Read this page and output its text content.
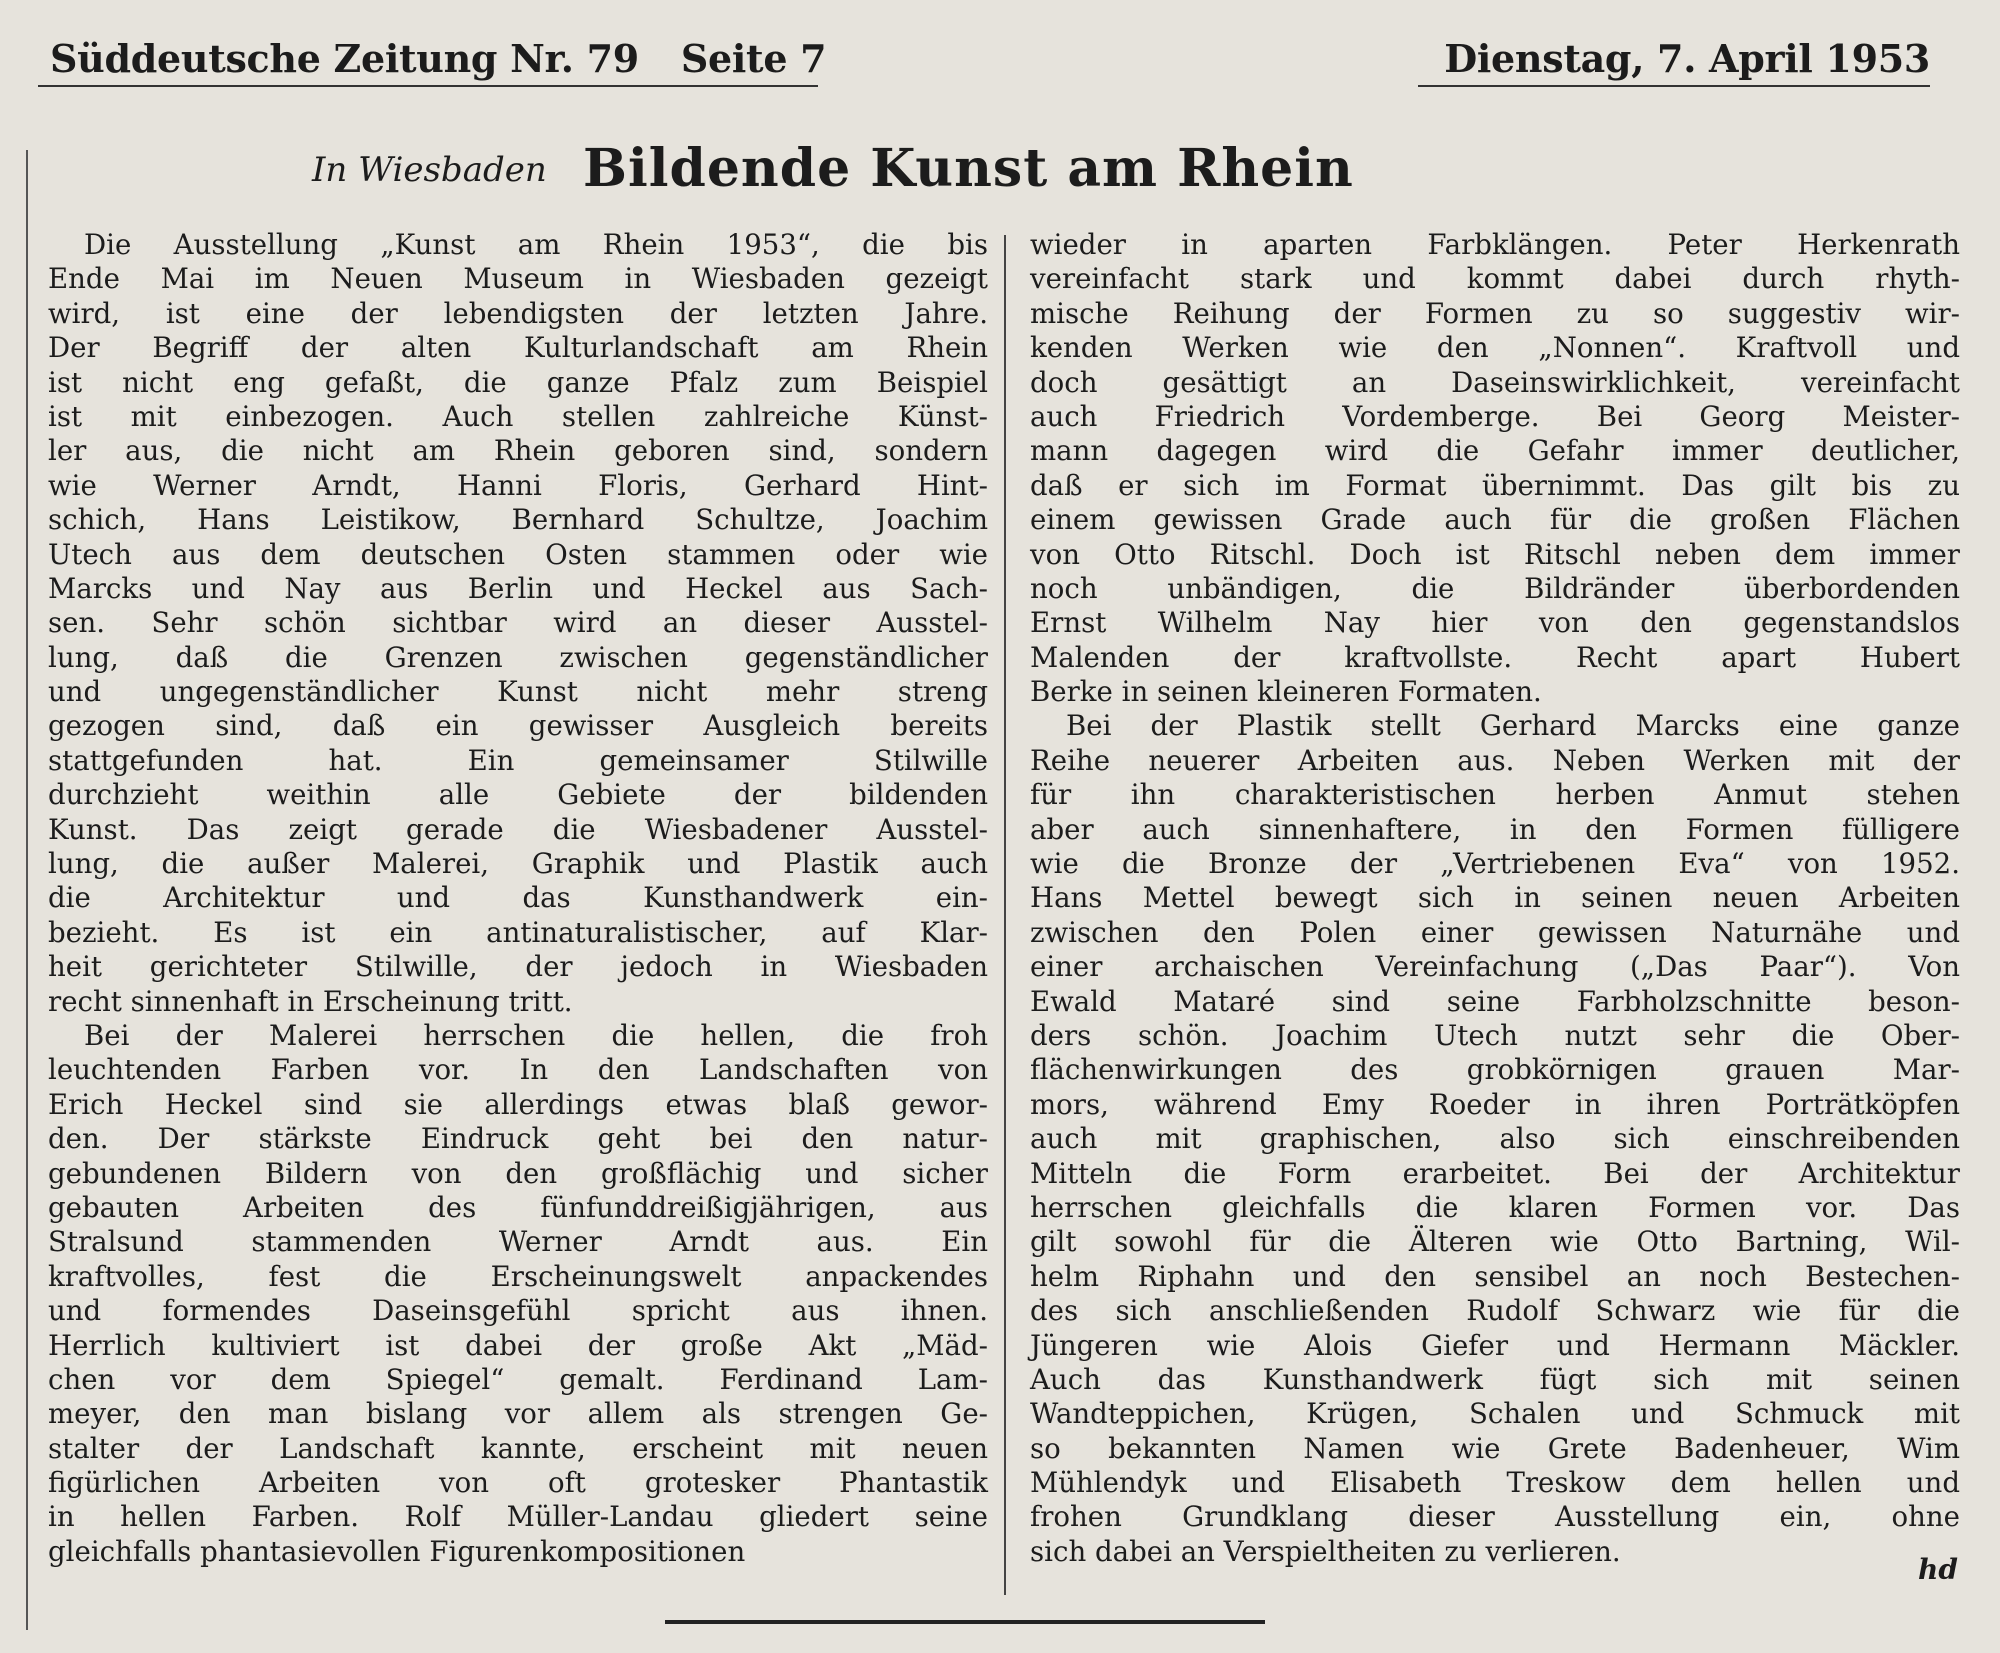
Süddeutsche Zeitung Nr. 79 Seite 7	Dienstag, 7. April 1953
In Wiesbaden Bildende Kunst am Rhein
Die Ausstellung „Kunst am Rhein 1953“, die bis
Ende Mai im Neuen Museum in Wiesbaden gezeigt
wird, ist eine der lebendigsten der letzten Jahre.
Der Begriff der alten Kulturlandschaft am Rhein
ist nicht eng gefaßt, die ganze Pfalz zum Beispiel
ist mit einbezogen. Auch stellen zahlreiche Künst-
ler aus, die nicht am Rhein geboren sind, sondern
wie Werner Arndt, Hanni Floris, Gerhard Hint-
schich, Hans Leistikow, Bernhard Schultze, Joachim
Utech aus dem deutschen Osten stammen oder wie
Marcks und Nay aus Berlin und Heckel aus Sach-
sen. Sehr schön sichtbar wird an dieser Ausstel-
lung, daß die Grenzen zwischen gegenständlicher
und ungegenständlicher Kunst nicht mehr streng
gezogen sind, daß ein gewisser Ausgleich bereits
stattgefunden hat. Ein gemeinsamer Stilwille
durchzieht weithin alle Gebiete der bildenden
Kunst. Das zeigt gerade die Wiesbadener Ausstel-
lung, die außer Malerei, Graphik und Plastik auch
die Architektur und das Kunsthandwerk ein-
bezieht. Es ist ein antinaturalistischer, auf Klar-
heit gerichteter Stilwille, der jedoch in Wiesbaden
recht sinnenhaft in Erscheinung tritt.
Bei der Malerei herrschen die hellen, die froh
leuchtenden Farben vor. In den Landschaften von
Erich Heckel sind sie allerdings etwas blaß gewor-
den. Der stärkste Eindruck geht bei den natur-
gebundenen Bildern von den großflächig und sicher
gebauten Arbeiten des fünfunddreißigjährigen, aus
Stralsund stammenden Werner Arndt aus. Ein
kraftvolles, fest die Erscheinungswelt anpackendes
und formendes Daseinsgefühl spricht aus ihnen.
Herrlich kultiviert ist dabei der große Akt „Mäd-
chen vor dem Spiegel“ gemalt. Ferdinand Lam-
meyer, den man bislang vor allem als strengen Ge-
stalter der Landschaft kannte, erscheint mit neuen
figürlichen Arbeiten von oft grotesker Phantastik
in hellen Farben. Rolf Müller-Landau gliedert seine
gleichfalls phantasievollen Figurenkompositionen
wieder in aparten Farbklängen. Peter Herkenrath
vereinfacht stark und kommt dabei durch rhyth-
mische Reihung der Formen zu so suggestiv wir-
kenden Werken wie den „Nonnen“. Kraftvoll und
doch gesättigt an Daseinswirklichkeit, vereinfacht
auch Friedrich Vordemberge. Bei Georg Meister-
mann dagegen wird die Gefahr immer deutlicher,
daß er sich im Format übernimmt. Das gilt bis zu
einem gewissen Grade auch für die großen Flächen
von Otto Ritschl. Doch ist Ritschl neben dem immer
noch unbändigen, die Bildränder überbordenden
Ernst Wilhelm Nay hier von den gegenstandslos
Malenden der kraftvollste. Recht apart Hubert
Berke in seinen kleineren Formaten.
Bei der Plastik stellt Gerhard Marcks eine ganze
Reihe neuerer Arbeiten aus. Neben Werken mit der
für ihn charakteristischen herben Anmut stehen
aber auch sinnenhaftere, in den Formen fülligere
wie die Bronze der „Vertriebenen Eva“ von 1952.
Hans Mettel bewegt sich in seinen neuen Arbeiten
zwischen den Polen einer gewissen Naturnähe und
einer archaischen Vereinfachung („Das Paar“). Von
Ewald Mataré sind seine Farbholzschnitte beson-
ders schön. Joachim Utech nutzt sehr die Ober-
flächenwirkungen des grobkörnigen grauen Mar-
mors, während Emy Roeder in ihren Porträtköpfen
auch mit graphischen, also sich einschreibenden
Mitteln die Form erarbeitet. Bei der Architektur
herrschen gleichfalls die klaren Formen vor. Das
gilt sowohl für die Älteren wie Otto Bartning, Wil-
helm Riphahn und den sensibel an noch Bestechen-
des sich anschließenden Rudolf Schwarz wie für die
Jüngeren wie Alois Giefer und Hermann Mäckler.
Auch das Kunsthandwerk fügt sich mit seinen
Wandteppichen, Krügen, Schalen und Schmuck mit
so bekannten Namen wie Grete Badenheuer, Wim
Mühlendyk und Elisabeth Treskow dem hellen und
frohen Grundklang dieser Ausstellung ein, ohne
sich dabei an Verspieltheiten zu verlieren.
hd
